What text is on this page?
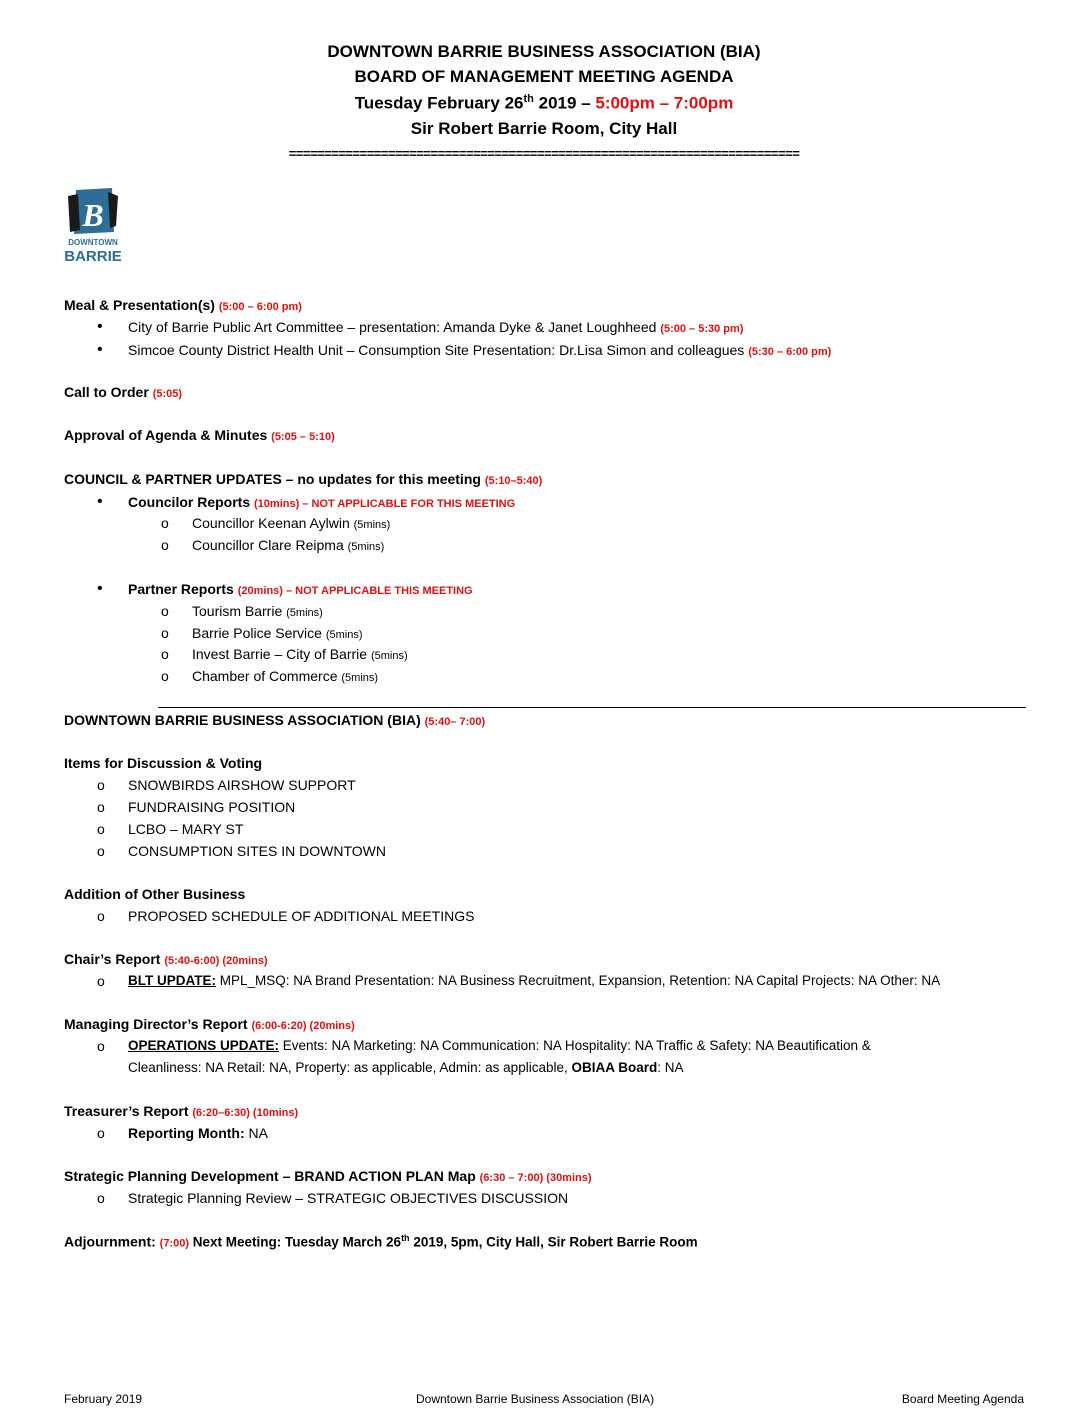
DOWNTOWN BARRIE BUSINESS ASSOCIATION (BIA)
BOARD OF MANAGEMENT MEETING AGENDA
Tuesday February 26th 2019 – 5:00pm – 7:00pm
Sir Robert Barrie Room, City Hall
========================================================================
B
DOWNTOWN
BARRIE
Meal & Presentation(s) (5:00 – 6:00 pm)
• City of Barrie Public Art Committee – presentation: Amanda Dyke & Janet Loughheed (5:00 – 5:30 pm)
• Simcoe County District Health Unit – Consumption Site Presentation: Dr.Lisa Simon and colleagues (5:30 – 6:00 pm)
Call to Order (5:05)
Approval of Agenda & Minutes (5:05 – 5:10)
COUNCIL & PARTNER UPDATES – no updates for this meeting (5:10–5:40)
• Councilor Reports (10mins) – NOT APPLICABLE FOR THIS MEETING
o Councillor Keenan Aylwin (5mins)
o Councillor Clare Reipma (5mins)
• Partner Reports (20mins) – NOT APPLICABLE THIS MEETING
o Tourism Barrie (5mins)
o Barrie Police Service (5mins)
o Invest Barrie – City of Barrie (5mins)
o Chamber of Commerce (5mins)
DOWNTOWN BARRIE BUSINESS ASSOCIATION (BIA) (5:40– 7:00)
Items for Discussion & Voting
o SNOWBIRDS AIRSHOW SUPPORT
o FUNDRAISING POSITION
o LCBO – MARY ST
o CONSUMPTION SITES IN DOWNTOWN
Addition of Other Business
o PROPOSED SCHEDULE OF ADDITIONAL MEETINGS
Chair’s Report (5:40-6:00) (20mins)
o BLT UPDATE: MPL_MSQ: NA Brand Presentation: NA Business Recruitment, Expansion, Retention: NA Capital Projects: NA Other: NA
Managing Director’s Report (6:00-6:20) (20mins)
o OPERATIONS UPDATE: Events: NA Marketing: NA Communication: NA Hospitality: NA Traffic & Safety: NA Beautification &
Cleanliness: NA Retail: NA, Property: as applicable, Admin: as applicable, OBIAA Board: NA
Treasurer’s Report (6:20–6:30) (10mins)
o Reporting Month: NA
Strategic Planning Development – BRAND ACTION PLAN Map (6:30 – 7:00) (30mins)
o Strategic Planning Review – STRATEGIC OBJECTIVES DISCUSSION
Adjournment: (7:00) Next Meeting: Tuesday March 26th 2019, 5pm, City Hall, Sir Robert Barrie Room
February 2019	Downtown Barrie Business Association (BIA)	Board Meeting Agenda
